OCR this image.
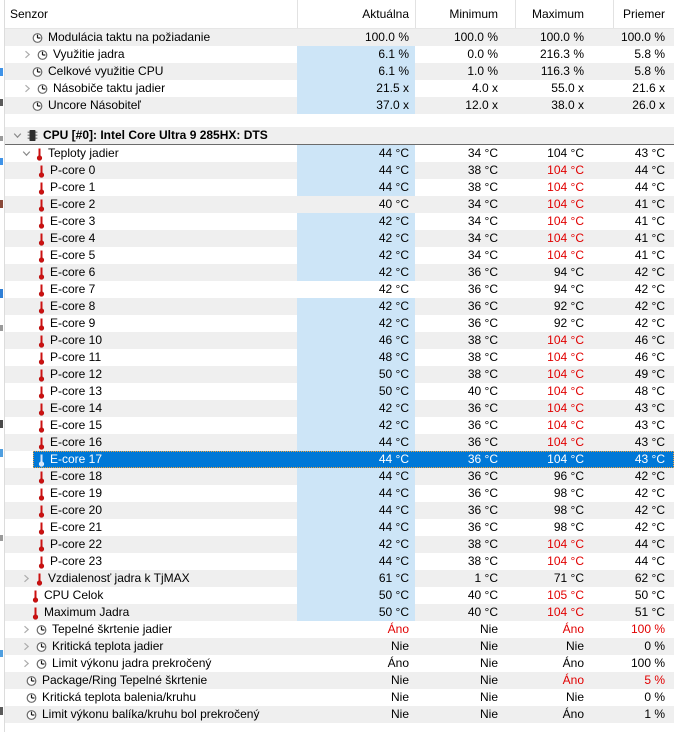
Senzor	Aktuálna	Minimum	Maximum	Priemer
Modulácia taktu na požiadanie	100.0 %	100.0 %	100.0 %	100.0 %
Využitie jadra	6.1 %	0.0 %	216.3 %	5.8 %
Celkové využitie CPU	6.1 %	1.0 %	116.3 %	5.8 %
Násobiče taktu jadier	21.5 x	4.0 x	55.0 x	21.6 x
Uncore Násobiteľ	37.0 x	12.0 x	38.0 x	26.0 x
CPU [#0]: Intel Core Ultra 9 285HX: DTS
Teploty jadier	44 °C	34 °C	104 °C	43 °C
P-core 0	44 °C	38 °C	104 °C	44 °C
P-core 1	44 °C	38 °C	104 °C	44 °C
E-core 2	40 °C	34 °C	104 °C	41 °C
E-core 3	42 °C	34 °C	104 °C	41 °C
E-core 4	42 °C	34 °C	104 °C	41 °C
E-core 5	42 °C	34 °C	104 °C	41 °C
E-core 6	42 °C	36 °C	94 °C	42 °C
E-core 7	42 °C	36 °C	94 °C	42 °C
E-core 8	42 °C	36 °C	92 °C	42 °C
E-core 9	42 °C	36 °C	92 °C	42 °C
P-core 10	46 °C	38 °C	104 °C	46 °C
P-core 11	48 °C	38 °C	104 °C	46 °C
P-core 12	50 °C	38 °C	104 °C	49 °C
P-core 13	50 °C	40 °C	104 °C	48 °C
E-core 14	42 °C	36 °C	104 °C	43 °C
E-core 15	42 °C	36 °C	104 °C	43 °C
E-core 16	44 °C	36 °C	104 °C	43 °C
E-core 17	44 °C	36 °C	104 °C	43 °C
E-core 18	44 °C	36 °C	96 °C	42 °C
E-core 19	44 °C	36 °C	98 °C	42 °C
E-core 20	44 °C	36 °C	98 °C	42 °C
E-core 21	44 °C	36 °C	98 °C	42 °C
P-core 22	42 °C	38 °C	104 °C	44 °C
P-core 23	44 °C	38 °C	104 °C	44 °C
Vzdialenosť jadra k TjMAX	61 °C	1 °C	71 °C	62 °C
CPU Celok	50 °C	40 °C	105 °C	50 °C
Maximum Jadra	50 °C	40 °C	104 °C	51 °C
Tepelné škrtenie jadier	Áno	Nie	Áno	100 %
Kritická teplota jadier	Nie	Nie	Nie	0 %
Limit výkonu jadra prekročený	Áno	Nie	Áno	100 %
Package/Ring Tepelné škrtenie	Nie	Nie	Áno	5 %
Kritická teplota balenia/kruhu	Nie	Nie	Nie	0 %
Limit výkonu balíka/kruhu bol prekročený	Nie	Nie	Áno	1 %
